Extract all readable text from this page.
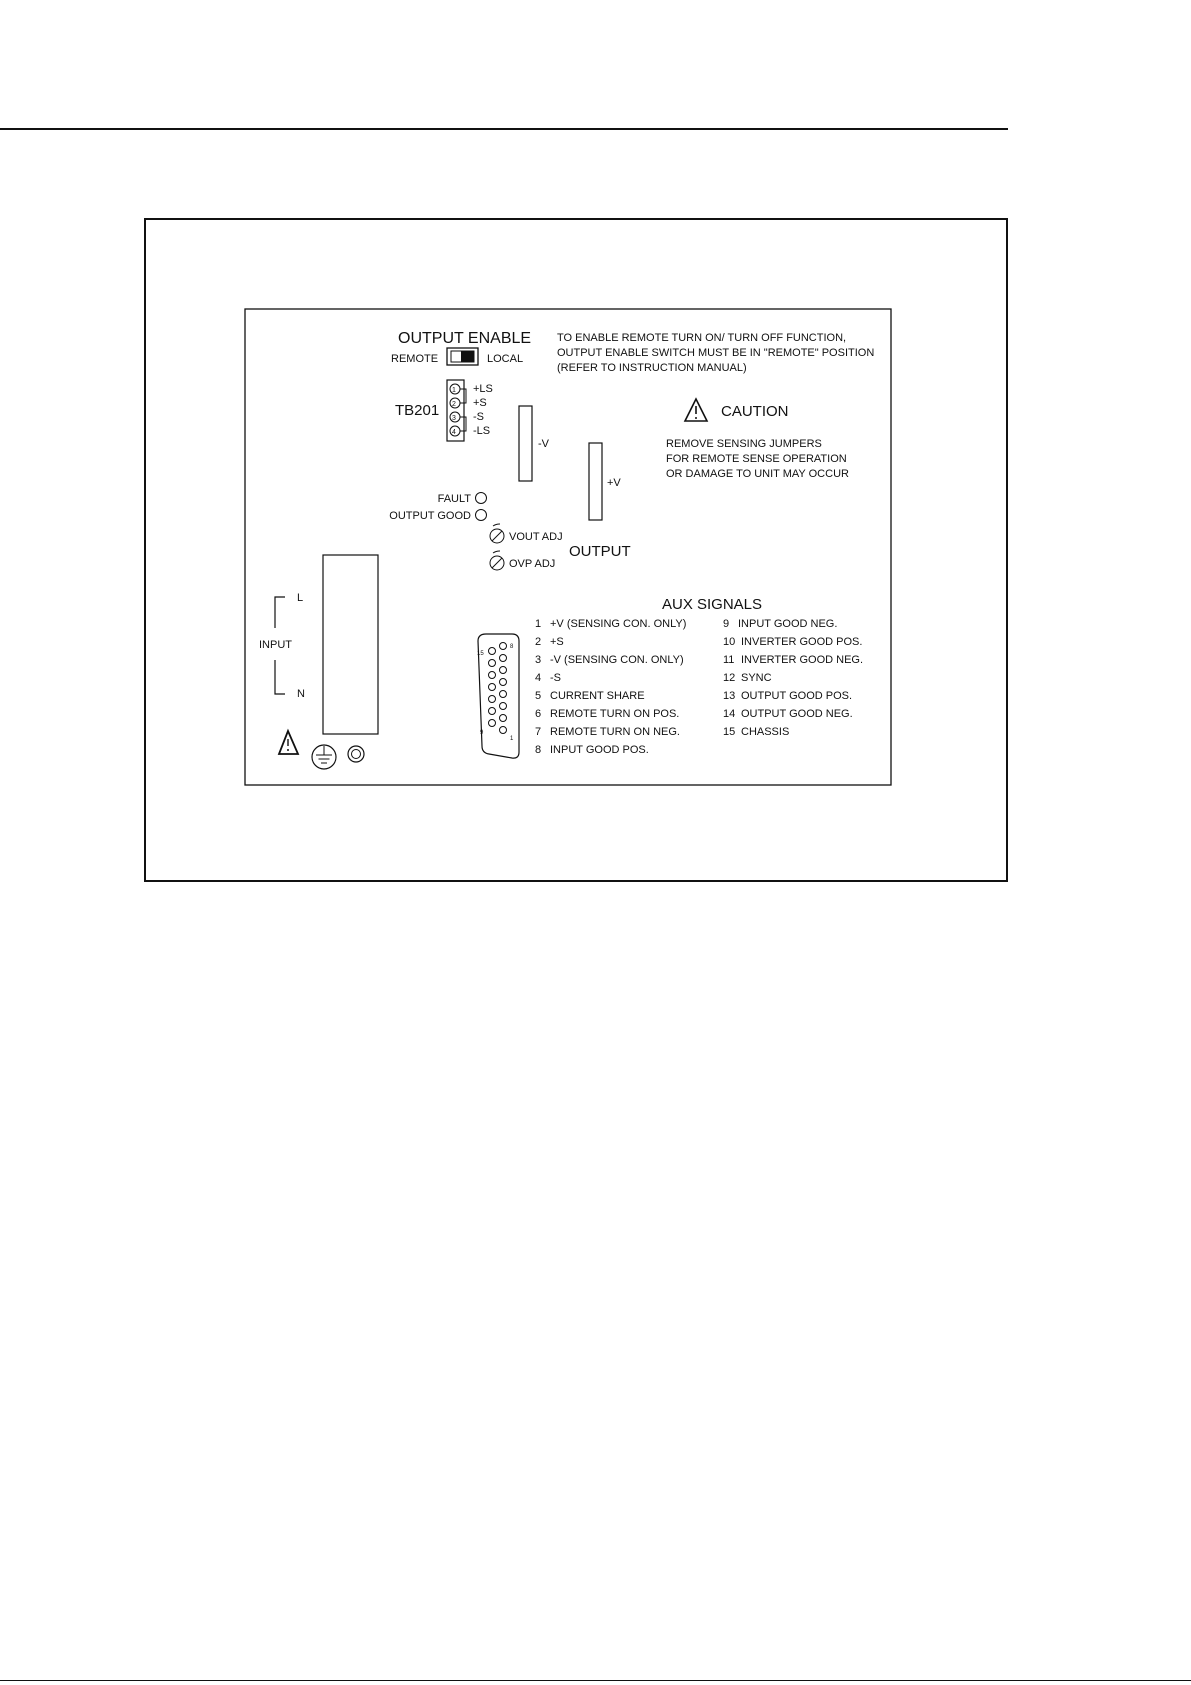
OUTPUT ENABLE
REMOTE	LOCAL
TO ENABLE REMOTE TURN ON/ TURN OFF FUNCTION,
OUTPUT ENABLE SWITCH MUST BE IN "REMOTE" POSITION
(REFER TO INSTRUCTION MANUAL)
TB201
1
2
3
4
+LS
+S
-S
-LS
-V
+V
OUTPUT
CAUTION
REMOVE SENSING JUMPERS
FOR REMOTE SENSE OPERATION
OR DAMAGE TO UNIT MAY OCCUR
FAULT
OUTPUT GOOD
VOUT ADJ
OVP ADJ
L
INPUT
N
AUX SIGNALS
15
8
9
1
1 +V (SENSING CON. ONLY)
2 +S
3 -V (SENSING CON. ONLY)
4 -S
5 CURRENT SHARE
6 REMOTE TURN ON POS.
7 REMOTE TURN ON NEG.
8 INPUT GOOD POS.
9 INPUT GOOD NEG.
10 INVERTER GOOD POS.
11 INVERTER GOOD NEG.
12 SYNC
13 OUTPUT GOOD POS.
14 OUTPUT GOOD NEG.
15 CHASSIS
